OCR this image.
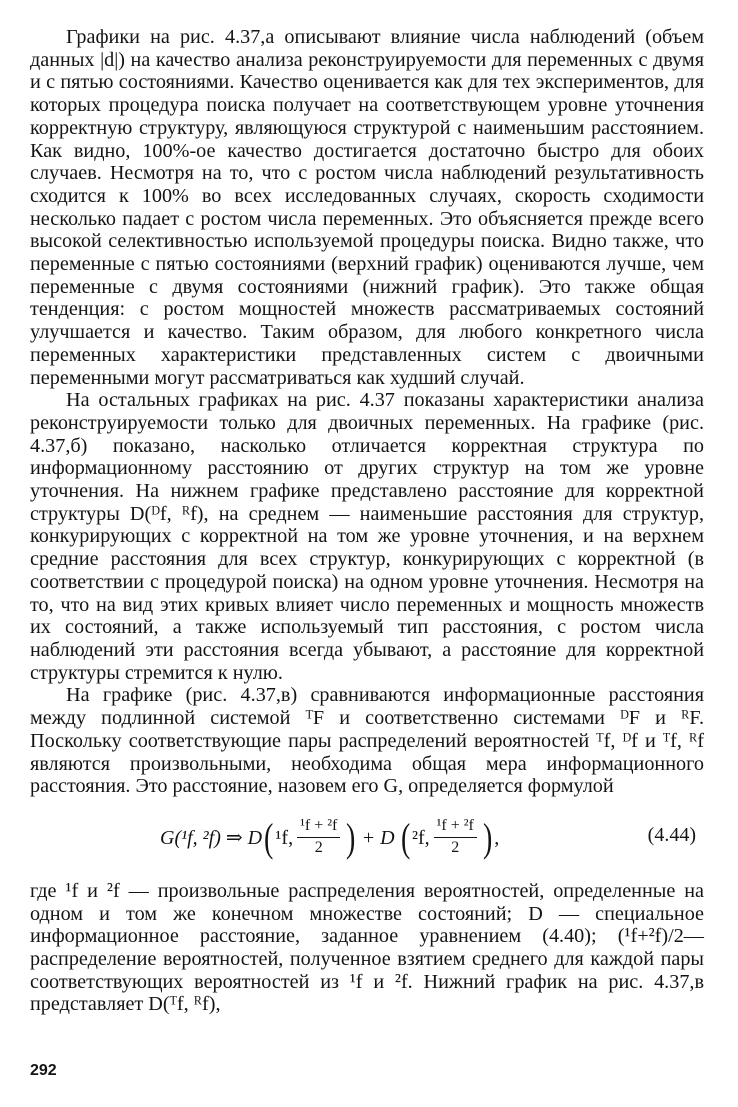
Графики на рис. 4.37,а описывают влияние числа наблюдений (объем данных |d|) на качество анализа реконструируемости для переменных с двумя и с пятью состояниями. Качество оценивается как для тех экспериментов, для которых процедура поиска получает на соответствующем уровне уточнения корректную структуру, являющуюся структурой с наименьшим расстоянием. Как видно, 100%-ое качество достигается достаточно быстро для обоих случаев. Несмотря на то, что с ростом числа наблюдений результативность сходится к 100% во всех исследованных случаях, скорость сходимости несколько падает с ростом числа переменных. Это объясняется прежде всего высокой селективностью используемой процедуры поиска. Видно также, что переменные с пятью состояниями (верхний график) оцениваются лучше, чем переменные с двумя состояниями (нижний график). Это также общая тенденция: с ростом мощностей множеств рассматриваемых состояний улучшается и качество. Таким образом, для любого конкретного числа переменных характеристики представленных систем с двоичными переменными могут рассматриваться как худший случай.

На остальных графиках на рис. 4.37 показаны характеристики анализа реконструируемости только для двоичных переменных. На графике (рис. 4.37,б) показано, насколько отличается корректная структура по информационному расстоянию от других структур на том же уровне уточнения. На нижнем графике представлено расстояние для корректной структуры D(ᴰf, ᴿf), на среднем — наименьшие расстояния для структур, конкурирующих с корректной на том же уровне уточнения, и на верхнем средние расстояния для всех структур, конкурирующих с корректной (в соответствии с процедурой поиска) на одном уровне уточнения. Несмотря на то, что на вид этих кривых влияет число переменных и мощность множеств их состояний, а также используемый тип расстояния, с ростом числа наблюдений эти расстояния всегда убывают, а расстояние для корректной структуры стремится к нулю.

На графике (рис. 4.37,в) сравниваются информационные расстояния между подлинной системой ᵀF и соответственно системами ᴰF и ᴿF. Поскольку соответствующие пары распределений вероятностей ᵀf, ᴰf и ᵀf, ᴿf являются произвольными, необходима общая мера информационного расстояния. Это расстояние, назовем его G, определяется формулой

G(¹f, ²f) ⇒ D ( ¹f, $\frac{\text{¹f + ²f}}{2}$ ) + D ( ²f, $\frac{\text{¹f + ²f}}{2}$ ) ,	(4.44)

где ¹f и ²f — произвольные распределения вероятностей, определенные на одном и том же конечном множестве состояний; D — специальное информационное расстояние, заданное уравнением (4.40); (¹f+²f)/2—распределение вероятностей, полученное взятием среднего для каждой пары соответствующих вероятностей из ¹f и ²f. Нижний график на рис. 4.37,в представляет D(ᵀf, ᴿf),

292
